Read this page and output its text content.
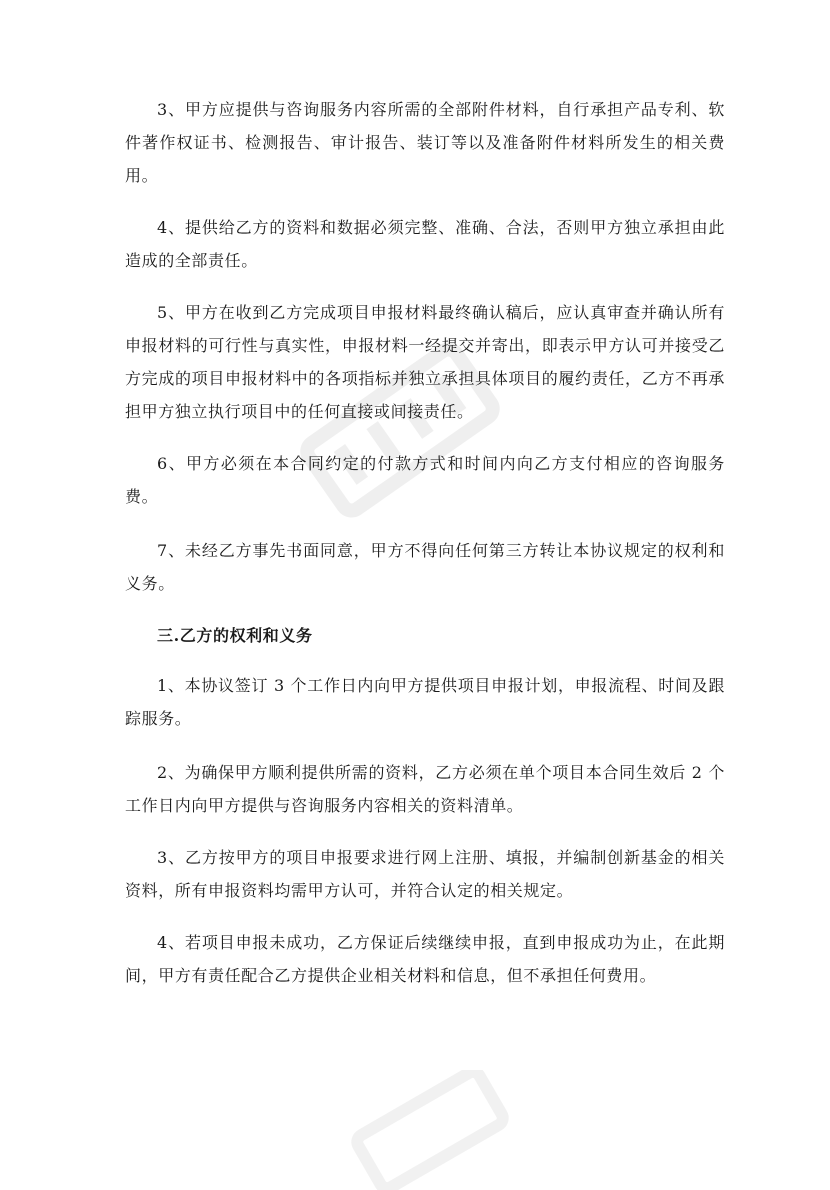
3、甲方应提供与咨询服务内容所需的全部附件材料，自行承担产品专利、软件著作权证书、检测报告、审计报告、装订等以及准备附件材料所发生的相关费用。

4、提供给乙方的资料和数据必须完整、准确、合法，否则甲方独立承担由此造成的全部责任。

5、甲方在收到乙方完成项目申报材料最终确认稿后，应认真审查并确认所有申报材料的可行性与真实性，申报材料一经提交并寄出，即表示甲方认可并接受乙方完成的项目申报材料中的各项指标并独立承担具体项目的履约责任，乙方不再承担甲方独立执行项目中的任何直接或间接责任。

6、甲方必须在本合同约定的付款方式和时间内向乙方支付相应的咨询服务费。

7、未经乙方事先书面同意，甲方不得向任何第三方转让本协议规定的权利和义务。

三.乙方的权利和义务

1、本协议签订 3 个工作日内向甲方提供项目申报计划，申报流程、时间及跟踪服务。

2、为确保甲方顺利提供所需的资料，乙方必须在单个项目本合同生效后 2 个工作日内向甲方提供与咨询服务内容相关的资料清单。

3、乙方按甲方的项目申报要求进行网上注册、填报，并编制创新基金的相关资料，所有申报资料均需甲方认可，并符合认定的相关规定。

4、若项目申报未成功，乙方保证后续继续申报，直到申报成功为止，在此期间，甲方有责任配合乙方提供企业相关材料和信息，但不承担任何费用。
